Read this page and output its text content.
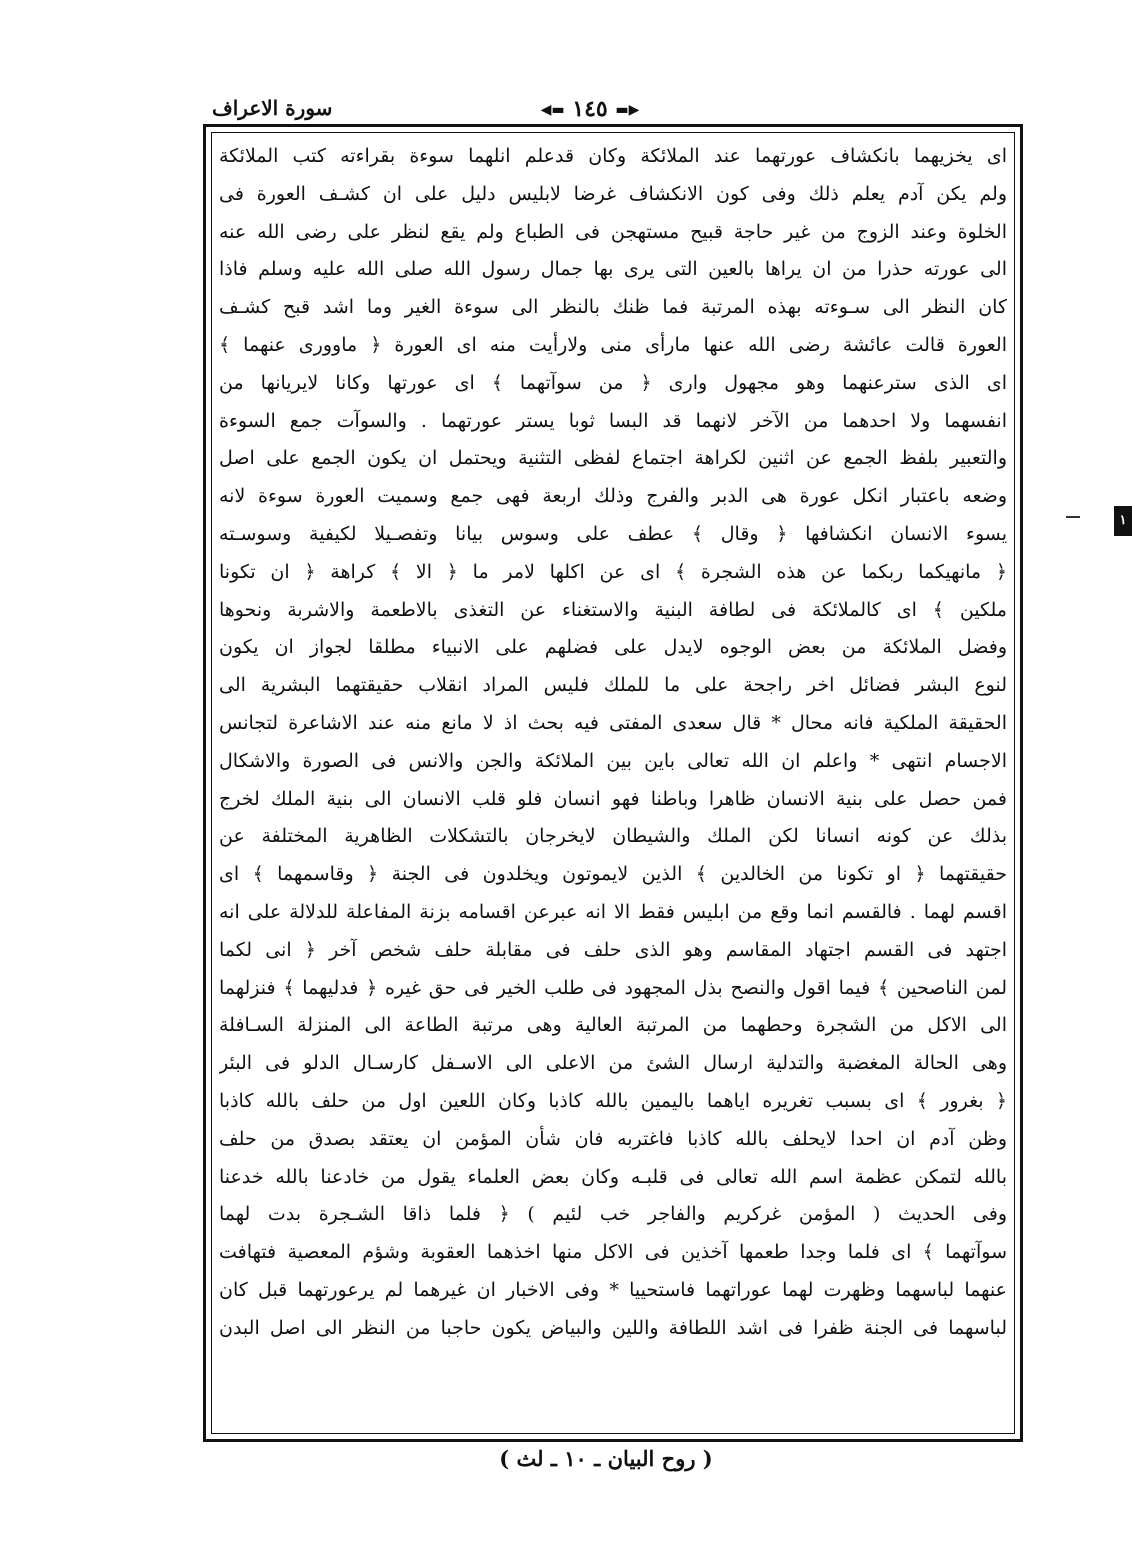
سورة الاعراف	◀▬ ١٤٥ ▬▶
اى يخزيهما بانكشاف عورتهما عند الملائكة وكان قدعلم انلهما سوءة بقراءته كتب الملائكة
ولم يكن آدم يعلم ذلك وفى كون الانكشاف غرضا لابليس دليل على ان كشـف العورة فى
الخلوة وعند الزوج من غير حاجة قبيح مستهجن فى الطباع ولم يقع لنظر على رضى الله عنه
الى عورته حذرا من ان يراها بالعين التى يرى بها جمال رسول الله صلى الله عليه وسلم فاذا
كان النظر الى سـوءته بهذه المرتبة فما ظنك بالنظر الى سوءة الغير وما اشد قبح كشـف
العورة قالت عائشة رضى الله عنها مارأى منى ولارأيت منه اى العورة ﴿ ماووری عنهما ﴾
اى الذى سترعنهما وهو مجهول وارى ﴿ من سوآتهما ﴾ اى عورتها وكانا لايريانها من
انفسهما ولا احدهما من الآخر لانهما قد البسا ثوبا يستر عورتهما . والسوآت جمع السوءة
والتعبير بلفظ الجمع عن اثنين لكراهة اجتماع لفظى التثنية ويحتمل ان يكون الجمع على اصل
وضعه باعتبار انكل عورة هى الدبر والفرج وذلك اربعة فهى جمع وسميت العورة سوءة لانه
يسوء الانسان انكشافها ﴿ وقال ﴾ عطف على وسوس بيانا وتفصـيلا لكيفية وسوسـته
﴿ مانهيكما ربكما عن هذه الشجرة ﴾ اى عن اكلها لامر ما ﴿ الا ﴾ كراهة ﴿ ان تكونا
ملكين ﴾ اى كالملائكة فى لطافة البنية والاستغناء عن التغذى بالاطعمة والاشربة ونحوها
وفضل الملائكة من بعض الوجوه لايدل على فضلهم على الانبياء مطلقا لجواز ان يكون
لنوع البشر فضائل اخر راجحة على ما للملك فليس المراد انقلاب حقيقتهما البشرية الى
الحقيقة الملكية فانه محال * قال سعدى المفتى فيه بحث اذ لا مانع منه عند الاشاعرة لتجانس
الاجسام انتهى * واعلم ان الله تعالى باين بين الملائكة والجن والانس فى الصورة والاشكال
فمن حصل على بنية الانسان ظاهرا وباطنا فهو انسان فلو قلب الانسان الى بنية الملك لخرج
بذلك عن كونه انسانا لكن الملك والشيطان لايخرجان بالتشكلات الظاهرية المختلفة عن
حقيقتهما ﴿ او تكونا من الخالدين ﴾ الذين لايموتون ويخلدون فى الجنة ﴿ وقاسمهما ﴾ اى
اقسم لهما . فالقسم انما وقع من ابليس فقط الا انه عبرعن اقسامه بزنة المفاعلة للدلالة على انه
اجتهد فى القسم اجتهاد المقاسم وهو الذى حلف فى مقابلة حلف شخص آخر ﴿ انى لكما
لمن الناصحين ﴾ فيما اقول والنصح بذل المجهود فى طلب الخير فى حق غيره ﴿ فدليهما ﴾ فنزلهما
الى الاكل من الشجرة وحطهما من المرتبة العالية وهى مرتبة الطاعة الى المنزلة السـافلة
وهى الحالة المغضبة والتدلية ارسال الشئ من الاعلى الى الاسـفل كارسـال الدلو فى البئر
﴿ بغرور ﴾ اى بسبب تغريره اياهما باليمين بالله كاذبا وكان اللعين اول من حلف بالله كاذبا
وظن آدم ان احدا لايحلف بالله كاذبا فاغتربه فان شأن المؤمن ان يعتقد بصدق من حلف
بالله لتمكن عظمة اسم الله تعالى فى قلبـه وكان بعض العلماء يقول من خادعنا بالله خدعنا
وفى الحديث ( المؤمن غركريم والفاجر خب لئيم ) ﴿ فلما ذاقا الشـجرة بدت لهما
سوآتهما ﴾ اى فلما وجدا طعمها آخذين فى الاكل منها اخذهما العقوبة وشؤم المعصية فتهافت
عنهما لباسهما وظهرت لهما عوراتهما فاستحييا * وفى الاخبار ان غيرهما لم يرعورتهما قبل كان
لباسهما فى الجنة ظفرا فى اشد اللطافة واللين والبياض يكون حاجبا من النظر الى اصل البدن
١
( روح البيان ـ ١٠ ـ لث )
